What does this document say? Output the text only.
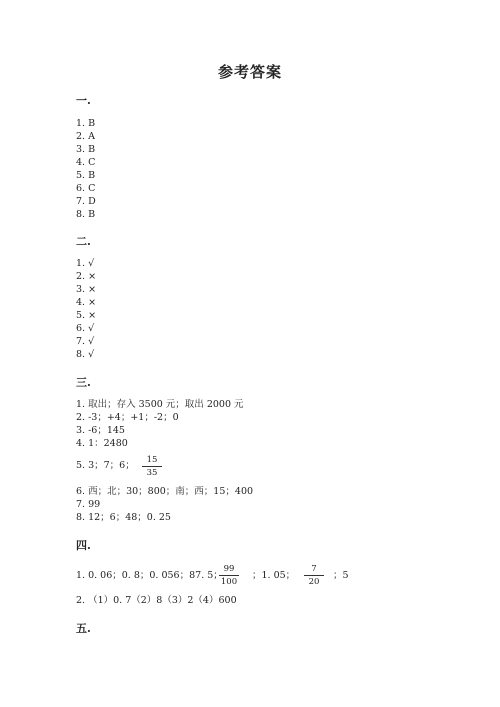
参考答案
一.
1. B
2. A
3. B
4. C
5. B
6. C
7. D
8. B
二.
1. √
2. ×
3. ×
4. ×
5. ×
6. √
7. √
8. √
三.
1. 取出；存入 3500 元；取出 2000 元
2. -3；+4；+1；-2；0
3. -6；145
4. 1：2480
5. 3；7；6；	15
35
6. 西；北；30；800；南；西；15；400
7. 99
8. 12；6；48；0. 25
四.
1. 0. 06；0. 8；0. 056；87. 5；
99
100
；1. 05；
7
20
；5
2. （1）0. 7（2）8（3）2（4）600
五.
